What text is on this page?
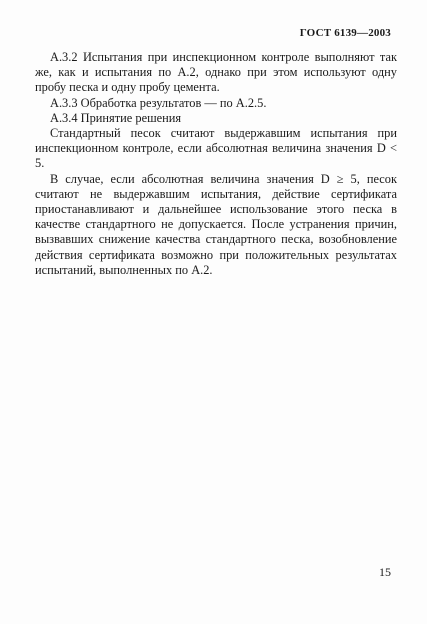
ГОСТ 6139—2003

А.3.2 Испытания при инспекционном контроле выполняют так же, как и испытания по А.2, однако при этом используют одну пробу песка и одну пробу цемента.

А.3.3 Обработка результатов — по А.2.5.

А.3.4 Принятие решения

Стандартный песок считают выдержавшим испытания при инспекционном контроле, если абсолютная величина значения D < 5.

В случае, если абсолютная величина значения D ≥ 5, песок считают не выдержавшим испытания, действие сертификата приостанавливают и дальнейшее использование этого песка в качестве стандартного не допускается. После устранения причин, вызвавших снижение качества стандартного песка, возобновление действия сертификата возможно при положительных результатах испытаний, выполненных по А.2.

15
